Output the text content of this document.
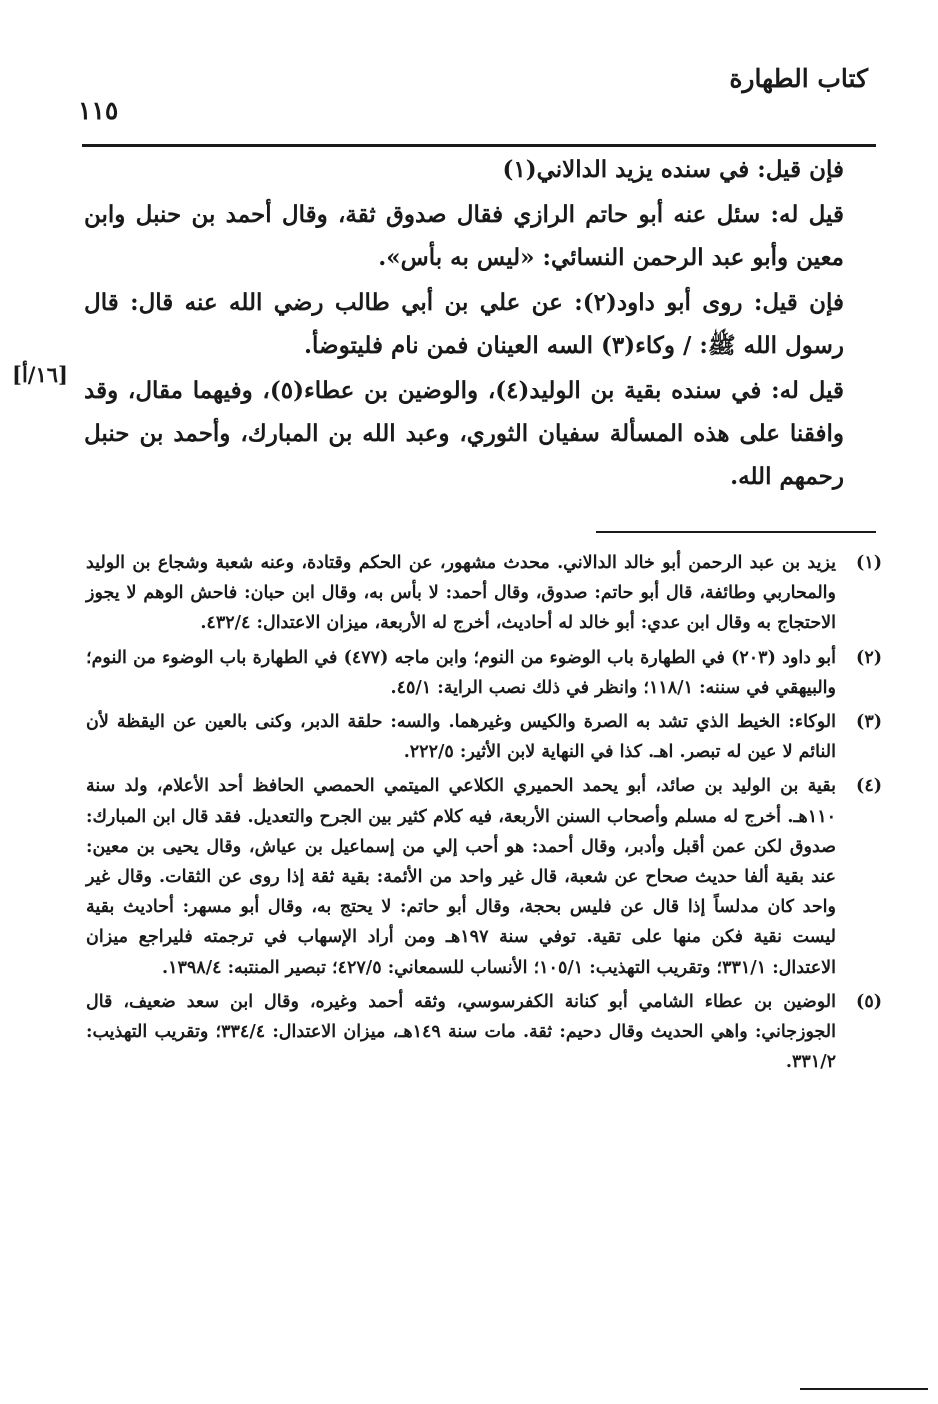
كتاب الطهارة
١١٥
[١٦/أ]

فإن قيل: في سنده يزيد الدالاني(١)

قيل له: سئل عنه أبو حاتم الرازي فقال صدوق ثقة، وقال أحمد بن حنبل وابن معين وأبو عبد الرحمن النسائي: «ليس به بأس».

فإن قيل: روى أبو داود(٢): عن علي بن أبي طالب رضي الله عنه قال: قال رسول الله ﷺ: / وكاء(٣) السه العينان فمن نام فليتوضأ.

قيل له: في سنده بقية بن الوليد(٤)، والوضين بن عطاء(٥)، وفيهما مقال، وقد وافقنا على هذه المسألة سفيان الثوري، وعبد الله بن المبارك، وأحمد بن حنبل رحمهم الله.

(١)
يزيد بن عبد الرحمن أبو خالد الدالاني. محدث مشهور، عن الحكم وقتادة، وعنه شعبة وشجاع بن الوليد والمحاربي وطائفة، قال أبو حاتم: صدوق، وقال أحمد: لا بأس به، وقال ابن حبان: فاحش الوهم لا يجوز الاحتجاج به وقال ابن عدي: أبو خالد له أحاديث، أخرج له الأربعة، ميزان الاعتدال: ٤٣٢/٤.
(٢)
أبو داود (٢٠٣) في الطهارة باب الوضوء من النوم؛ وابن ماجه (٤٧٧) في الطهارة باب الوضوء من النوم؛ والبيهقي في سننه: ١١٨/١؛ وانظر في ذلك نصب الراية: ٤٥/١.
(٣)
الوكاء: الخيط الذي تشد به الصرة والكيس وغيرهما. والسه: حلقة الدبر، وكنى بالعين عن اليقظة لأن النائم لا عين له تبصر. اهـ. كذا في النهاية لابن الأثير: ٢٢٢/٥.
(٤)
بقية بن الوليد بن صائد، أبو يحمد الحميري الكلاعي الميتمي الحمصي الحافظ أحد الأعلام، ولد سنة ١١٠هـ. أخرج له مسلم وأصحاب السنن الأربعة، فيه كلام كثير بين الجرح والتعديل. فقد قال ابن المبارك: صدوق لكن عمن أقبل وأدبر، وقال أحمد: هو أحب إلي من إسماعيل بن عياش، وقال يحيى بن معين: عند بقية ألفا حديث صحاح عن شعبة، قال غير واحد من الأئمة: بقية ثقة إذا روى عن الثقات. وقال غير واحد كان مدلساً إذا قال عن فليس بحجة، وقال أبو حاتم: لا يحتج به، وقال أبو مسهر: أحاديث بقية ليست نقية فكن منها على تقية. توفي سنة ١٩٧هـ ومن أراد الإسهاب في ترجمته فليراجع ميزان الاعتدال: ٣٣١/١؛ وتقريب التهذيب: ١٠٥/١؛ الأنساب للسمعاني: ٤٢٧/٥؛ تبصير المنتبه: ١٣٩٨/٤.
(٥)
الوضين بن عطاء الشامي أبو كنانة الكفرسوسي، وثقه أحمد وغيره، وقال ابن سعد ضعيف، قال الجوزجاني: واهي الحديث وقال دحيم: ثقة. مات سنة ١٤٩هـ، ميزان الاعتدال: ٣٣٤/٤؛ وتقريب التهذيب: ٣٣١/٢.
